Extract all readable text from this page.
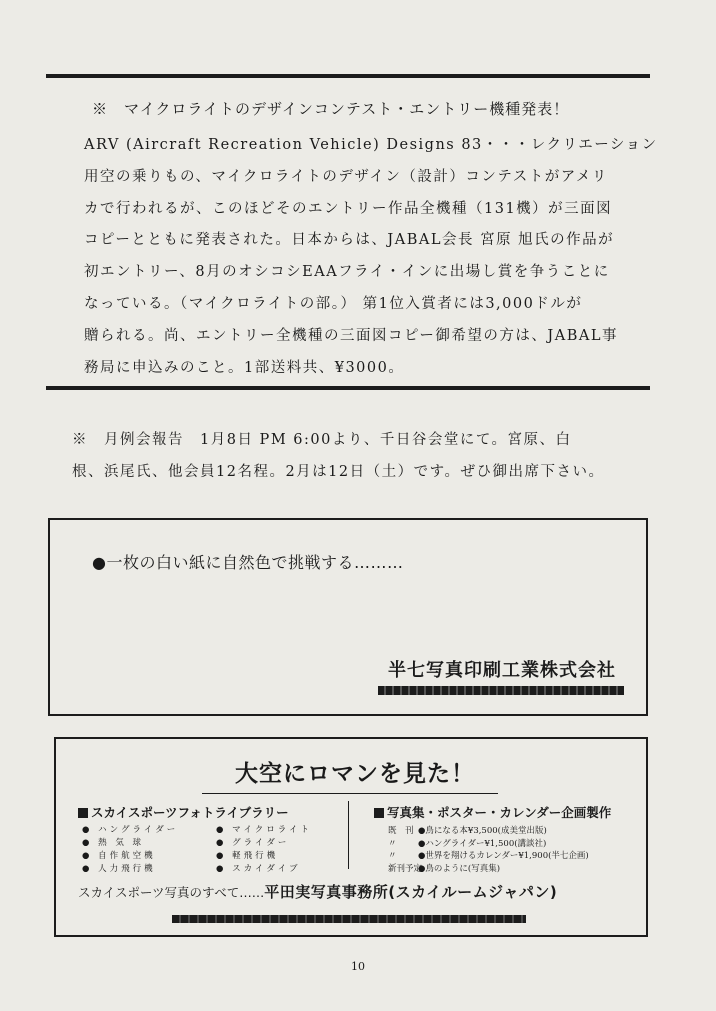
※　マイクロライトのデザインコンテスト・エントリー機種発表！
ARV (Aircraft Recreation Vehicle) Designs 83・・・レクリエーション
用空の乗りもの、マイクロライトのデザイン（設計）コンテストがアメリ
カで行われるが、このほどそのエントリー作品全機種（131機）が三面図
コピーとともに発表された。日本からは、JABAL会長 宮原 旭氏の作品が
初エントリー、8月のオシコシEAAフライ・インに出場し賞を争うことに
なっている。（マイクロライトの部。） 第1位入賞者には3,000ドルが
贈られる。尚、エントリー全機種の三面図コピー御希望の方は、JABAL事
務局に申込みのこと。1部送料共、¥3000。
※　月例会報告　1月8日 PM 6:00より、千日谷会堂にて。宮原、白
根、浜尾氏、他会員12名程。2月は12日（土）です。ぜひ御出席下さい。
●一枚の白い紙に自然色で挑戦する………
半七写真印刷工業株式会社
大空にロマンを見た！
スカイスポーツフォトライブラリー
● ハングライダー	● マイクロライト
● 熱 気 球	● グライダー
● 自作航空機	● 軽飛行機
● 人力飛行機	● スカイダイブ
写真集・ポスター・カレンダー企画製作
既　刊 ●鳥になる本¥3,500(成美堂出版)
〃	●ハングライダー¥1,500(講談社)
〃	●世界を翔けるカレンダー¥1,900(半七企画)
新刊予定●鳥のように(写真集)
スカイスポーツ写真のすべて……平田実写真事務所(スカイルームジャパン)
10
